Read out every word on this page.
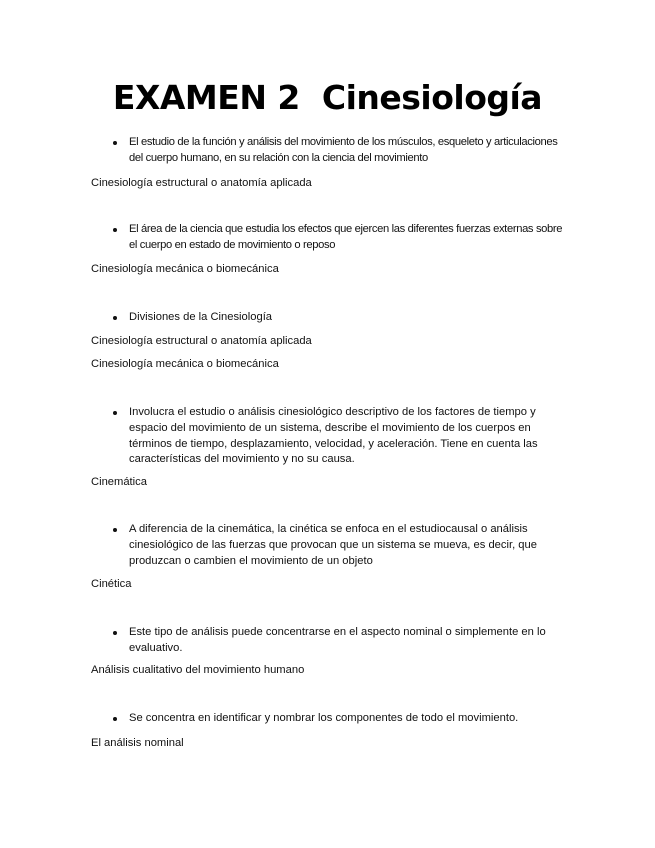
EXAMEN 2  Cinesiología

El estudio de la función y análisis del movimiento de los músculos, esqueleto y articulaciones del cuerpo humano, en su relación con la ciencia del movimiento

Cinesiología estructural o anatomía aplicada

El área de la ciencia que estudia los efectos que ejercen las diferentes fuerzas externas sobre el cuerpo en estado de movimiento o reposo

Cinesiología mecánica o biomecánica

Divisiones de la Cinesiología

Cinesiología estructural o anatomía aplicada

Cinesiología mecánica o biomecánica

Involucra el estudio o análisis cinesiológico descriptivo de los factores de tiempo y espacio del movimiento de un sistema, describe el movimiento de los cuerpos en términos de tiempo, desplazamiento, velocidad, y aceleración. Tiene en cuenta las características del movimiento y no su causa.

Cinemática

A diferencia de la cinemática, la cinética se enfoca en el estudiocausal o análisis cinesiológico de las fuerzas que provocan que un sistema se mueva, es decir, que produzcan o cambien el movimiento de un objeto

Cinética

Este tipo de análisis puede concentrarse en el aspecto nominal o simplemente en lo evaluativo.

Análisis cualitativo del movimiento humano

Se concentra en identificar y nombrar los componentes de todo el movimiento.

El análisis nominal
